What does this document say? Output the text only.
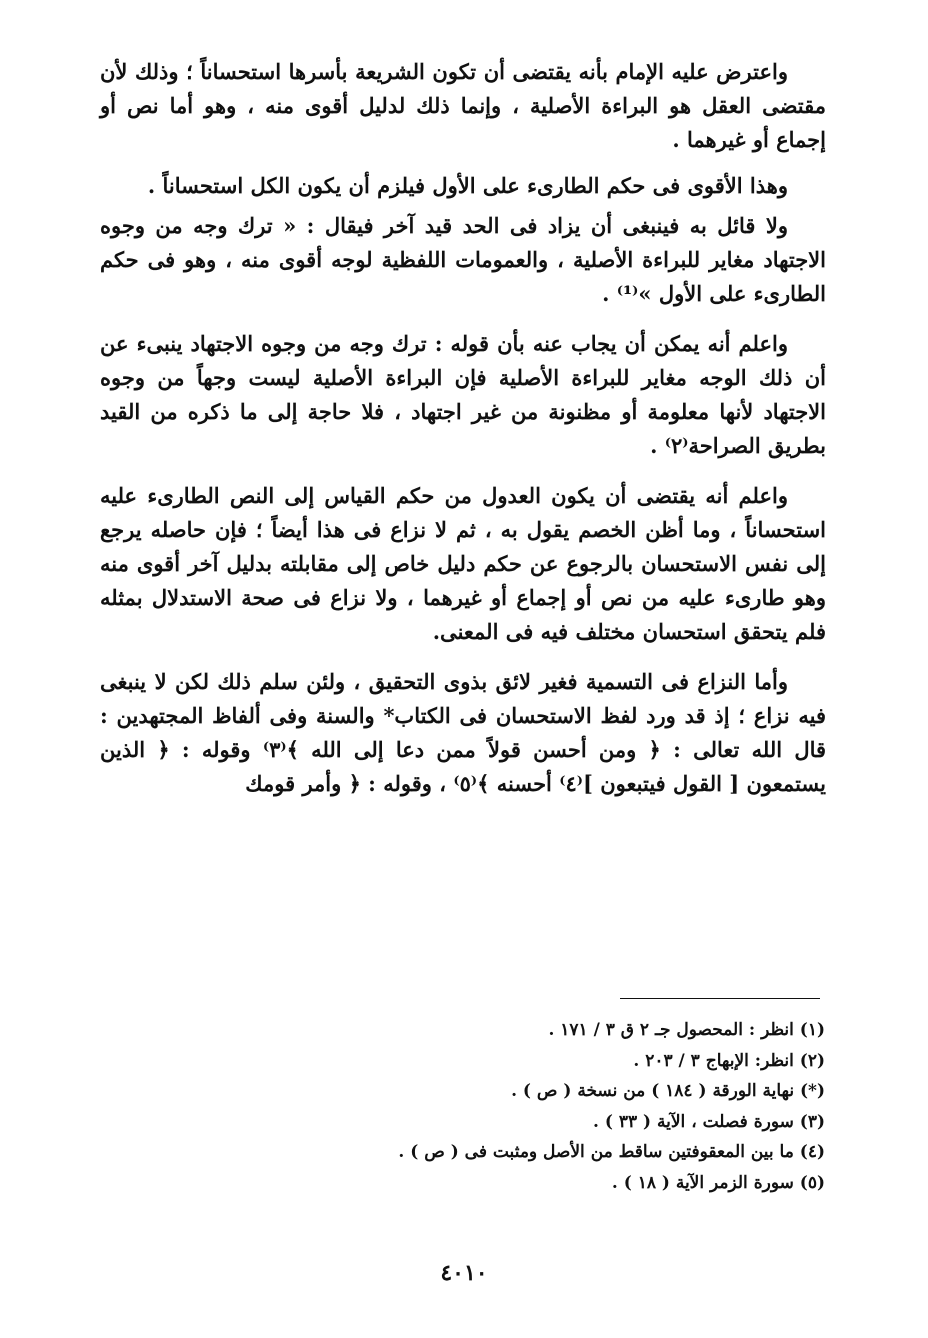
واعترض عليه الإمام بأنه يقتضى أن تكون الشريعة بأسرها استحساناً ؛ وذلك لأن مقتضى العقل هو البراءة الأصلية ، وإنما ذلك لدليل أقوى منه ، وهو أما نص أو إجماع أو غيرهما .

وهذا الأقوى فى حكم الطارىء على الأول فيلزم أن يكون الكل استحساناً .

ولا قائل به فينبغى أن يزاد فى الحد قيد آخر فيقال : « ترك وجه من وجوه الاجتهاد مغاير للبراءة الأصلية ، والعمومات اللفظية لوجه أقوى منه ، وهو فى حكم الطارىء على الأول »⁽¹⁾ .

واعلم أنه يمكن أن يجاب عنه بأن قوله : ترك وجه من وجوه الاجتهاد ينبىء عن أن ذلك الوجه مغاير للبراءة الأصلية فإن البراءة الأصلية ليست وجهاً من وجوه الاجتهاد لأنها معلومة أو مظنونة من غير اجتهاد ، فلا حاجة إلى ما ذكره من القيد بطريق الصراحة⁽٢⁾ .

واعلم أنه يقتضى أن يكون العدول من حكم القياس إلى النص الطارىء عليه استحساناً ، وما أظن الخصم يقول به ، ثم لا نزاع فى هذا أيضاً ؛ فإن حاصله يرجع إلى نفس الاستحسان بالرجوع عن حكم دليل خاص إلى مقابلته بدليل آخر أقوى منه وهو طارىء عليه من نص أو إجماع أو غيرهما ، ولا نزاع فى صحة الاستدلال بمثله فلم يتحقق استحسان مختلف فيه فى المعنى.

وأما النزاع فى التسمية فغير لائق بذوى التحقيق ، ولئن سلم ذلك لكن لا ينبغى فيه نزاع ؛ إذ قد ورد لفظ الاستحسان فى الكتاب* والسنة وفى ألفاظ المجتهدين : قال الله تعالى : ﴿ ومن أحسن قولاً ممن دعا إلى الله ﴾⁽٣⁾ وقوله : ﴿ الذين يستمعون [ القول فيتبعون ]⁽٤⁾ أحسنه ﴾⁽٥⁾ ، وقوله : ﴿ وأمر قومك

(١) انظر : المحصول جـ ٢ ق ٣ / ١٧١ .

(٢) انظر: الإبهاج ٣ / ٢٠٣ .

(*) نهاية الورقة ( ١٨٤ ) من نسخة ( ص ) .

(٣) سورة فصلت ، الآية ( ٣٣ ) .

(٤) ما بين المعقوفتين ساقط من الأصل ومثبت فى ( ص ) .

(٥) سورة الزمر الآية ( ١٨ ) .

٤٠١٠
